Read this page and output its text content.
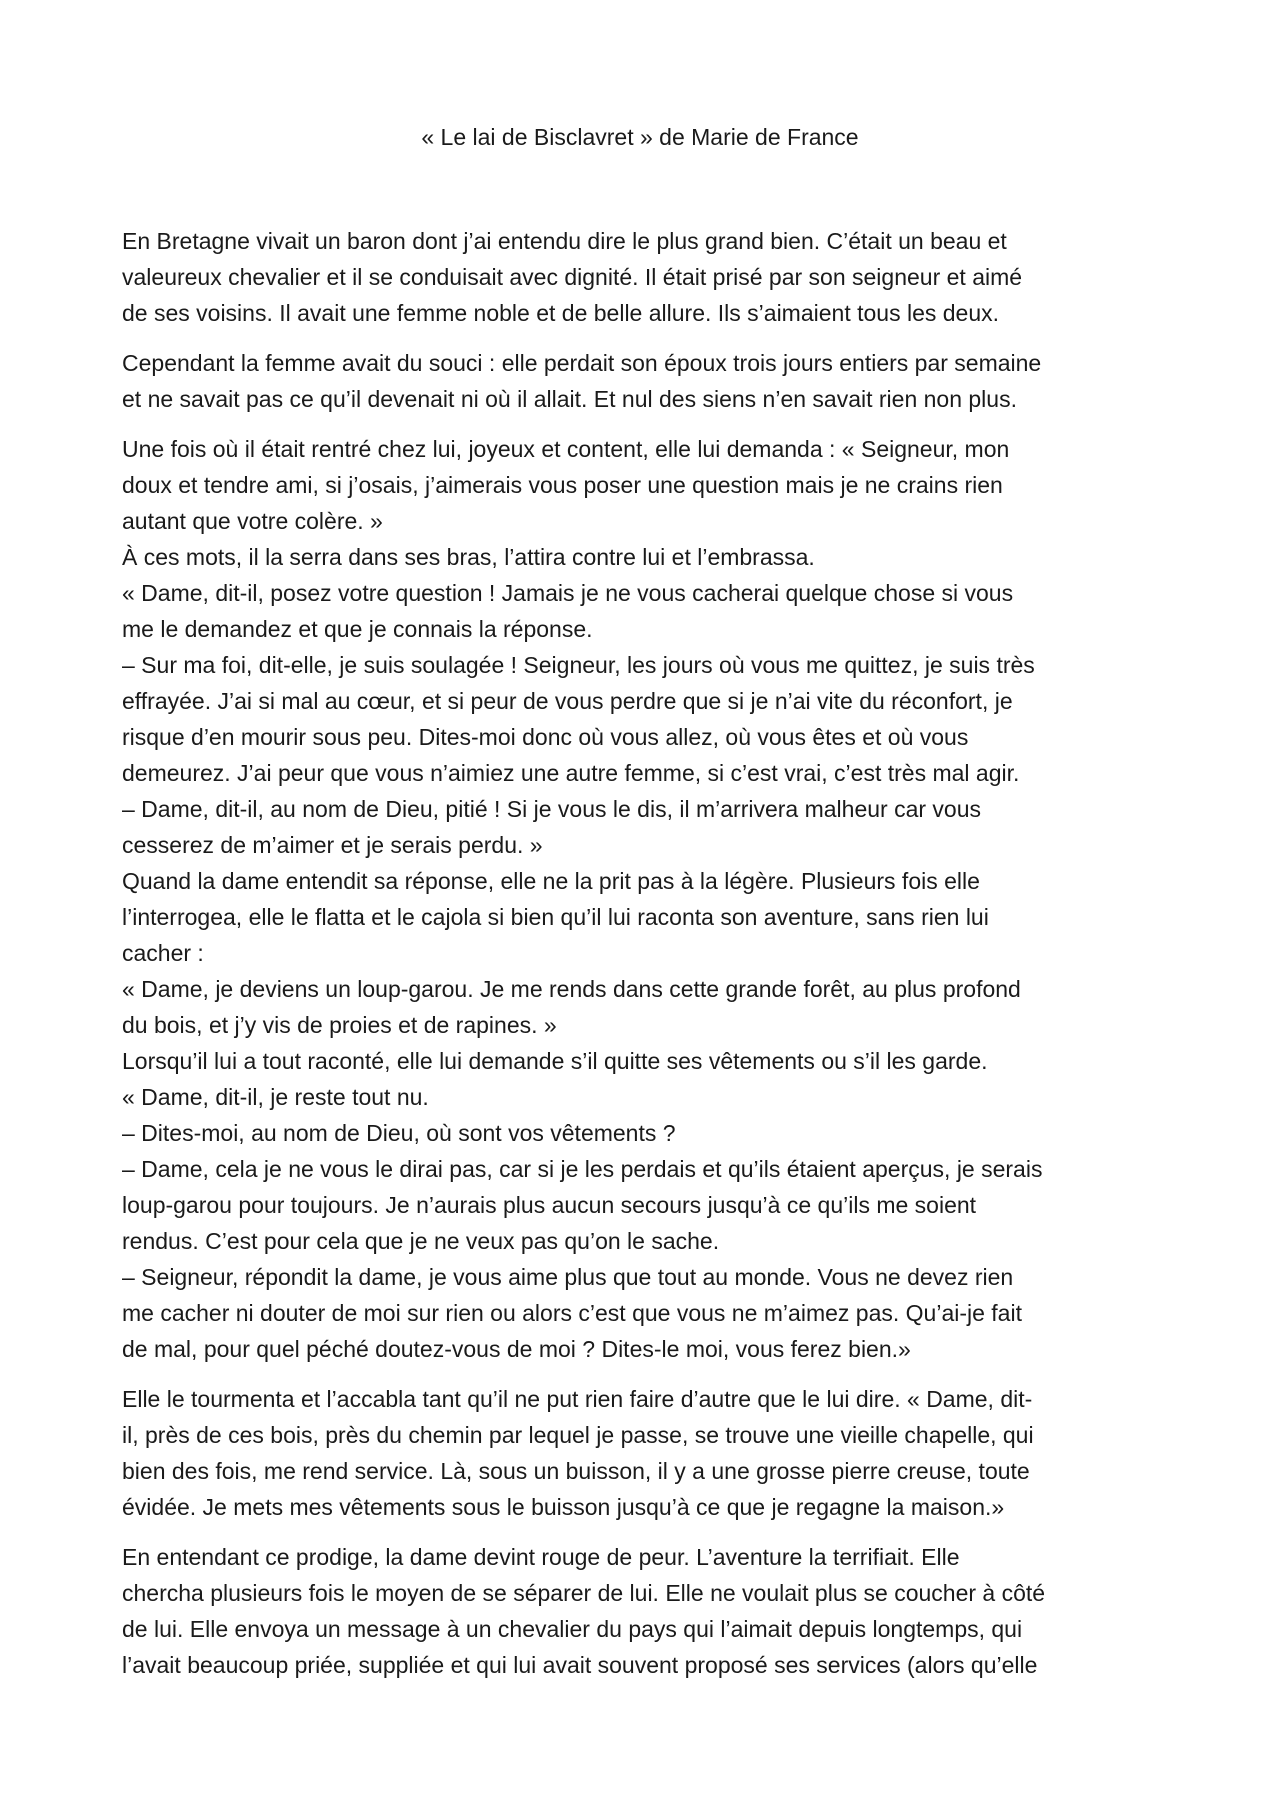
« Le lai de Bisclavret » de Marie de France

En Bretagne vivait un baron dont j’ai entendu dire le plus grand bien. C’était un beau et
valeureux chevalier et il se conduisait avec dignité. Il était prisé par son seigneur et aimé
de ses voisins. Il avait une femme noble et de belle allure. Ils s’aimaient tous les deux.

Cependant la femme avait du souci : elle perdait son époux trois jours entiers par semaine
et ne savait pas ce qu’il devenait ni où il allait. Et nul des siens n’en savait rien non plus.

Une fois où il était rentré chez lui, joyeux et content, elle lui demanda : « Seigneur, mon
doux et tendre ami, si j’osais, j’aimerais vous poser une question mais je ne crains rien
autant que votre colère. »
À ces mots, il la serra dans ses bras, l’attira contre lui et l’embrassa.
« Dame, dit-il, posez votre question ! Jamais je ne vous cacherai quelque chose si vous
me le demandez et que je connais la réponse.
– Sur ma foi, dit-elle, je suis soulagée ! Seigneur, les jours où vous me quittez, je suis très
effrayée. J’ai si mal au cœur, et si peur de vous perdre que si je n’ai vite du réconfort, je
risque d’en mourir sous peu. Dites-moi donc où vous allez, où vous êtes et où vous
demeurez. J’ai peur que vous n’aimiez une autre femme, si c’est vrai, c’est très mal agir.
– Dame, dit-il, au nom de Dieu, pitié ! Si je vous le dis, il m’arrivera malheur car vous
cesserez de m’aimer et je serais perdu. »
Quand la dame entendit sa réponse, elle ne la prit pas à la légère. Plusieurs fois elle
l’interrogea, elle le flatta et le cajola si bien qu’il lui raconta son aventure, sans rien lui
cacher :
« Dame, je deviens un loup-garou. Je me rends dans cette grande forêt, au plus profond
du bois, et j’y vis de proies et de rapines. »
Lorsqu’il lui a tout raconté, elle lui demande s’il quitte ses vêtements ou s’il les garde.
« Dame, dit-il, je reste tout nu.
– Dites-moi, au nom de Dieu, où sont vos vêtements ?
– Dame, cela je ne vous le dirai pas, car si je les perdais et qu’ils étaient aperçus, je serais
loup-garou pour toujours. Je n’aurais plus aucun secours jusqu’à ce qu’ils me soient
rendus. C’est pour cela que je ne veux pas qu’on le sache.
– Seigneur, répondit la dame, je vous aime plus que tout au monde. Vous ne devez rien
me cacher ni douter de moi sur rien ou alors c’est que vous ne m’aimez pas. Qu’ai-je fait
de mal, pour quel péché doutez-vous de moi ? Dites-le moi, vous ferez bien.»

Elle le tourmenta et l’accabla tant qu’il ne put rien faire d’autre que le lui dire. « Dame, dit-
il, près de ces bois, près du chemin par lequel je passe, se trouve une vieille chapelle, qui
bien des fois, me rend service. Là, sous un buisson, il y a une grosse pierre creuse, toute
évidée. Je mets mes vêtements sous le buisson jusqu’à ce que je regagne la maison.»

En entendant ce prodige, la dame devint rouge de peur. L’aventure la terrifiait. Elle
chercha plusieurs fois le moyen de se séparer de lui. Elle ne voulait plus se coucher à côté
de lui. Elle envoya un message à un chevalier du pays qui l’aimait depuis longtemps, qui
l’avait beaucoup priée, suppliée et qui lui avait souvent proposé ses services (alors qu’elle
